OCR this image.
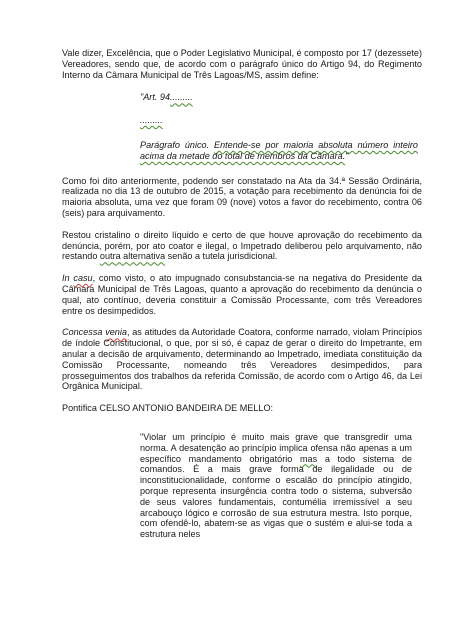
Vale dizer, Excelência, que o Poder Legislativo Municipal, é composto por 17 (dezessete) Vereadores, sendo que, de acordo com o parágrafo único do Artigo 94, do Regimento Interno da Câmara Municipal de Três Lagoas/MS, assim define:

"Art. 94.........

.........

Parágrafo único. Entende-se por maioria absoluta número inteiro acima da metade do total de membros da Câmara."

Como foi dito anteriormente, podendo ser constatado na Ata da 34.ª Sessão Ordinária, realizada no dia 13 de outubro de 2015, a votação para recebimento da denúncia foi de maioria absoluta, uma vez que foram 09 (nove) votos a favor do recebimento, contra 06 (seis) para arquivamento.

Restou cristalino o direito líquido e certo de que houve aprovação do recebimento da denúncia, porém, por ato coator e ilegal, o Impetrado deliberou pelo arquivamento, não restando outra alternativa senão a tutela jurisdicional.

In casu, como visto, o ato impugnado consubstancia-se na negativa do Presidente da Câmara Municipal de Três Lagoas, quanto a aprovação do recebimento da denúncia o qual, ato contínuo, deveria constituir a Comissão Processante, com três Vereadores entre os desimpedidos.

Concessa venia, as atitudes da Autoridade Coatora, conforme narrado, violam Princípios de índole Constitucional, o que, por si só, é capaz de gerar o direito do Impetrante, em anular a decisão de arquivamento, determinando ao Impetrado, imediata constituição da Comissão Processante, nomeando três Vereadores desimpedidos, para prosseguimentos dos trabalhos da referida Comissão, de acordo com o Artigo 46, da Lei Orgânica Municipal.

Pontifica CELSO ANTONIO BANDEIRA DE MELLO:

"Violar um princípio é muito mais grave que transgredir uma norma. A desatenção ao princípio implica ofensa não apenas a um específico mandamento obrigatório mas a todo sistema de comandos. É a mais grave forma de ilegalidade ou de inconstitucionalidade, conforme o escalão do princípio atingido, porque representa insurgência contra todo o sistema, subversão de seus valores fundamentais, contumélia irremissível a seu arcabouço lógico e corrosão de sua estrutura mestra. Isto porque, com ofendê-lo, abatem-se as vigas que o sustém e alui-se toda a estrutura neles
